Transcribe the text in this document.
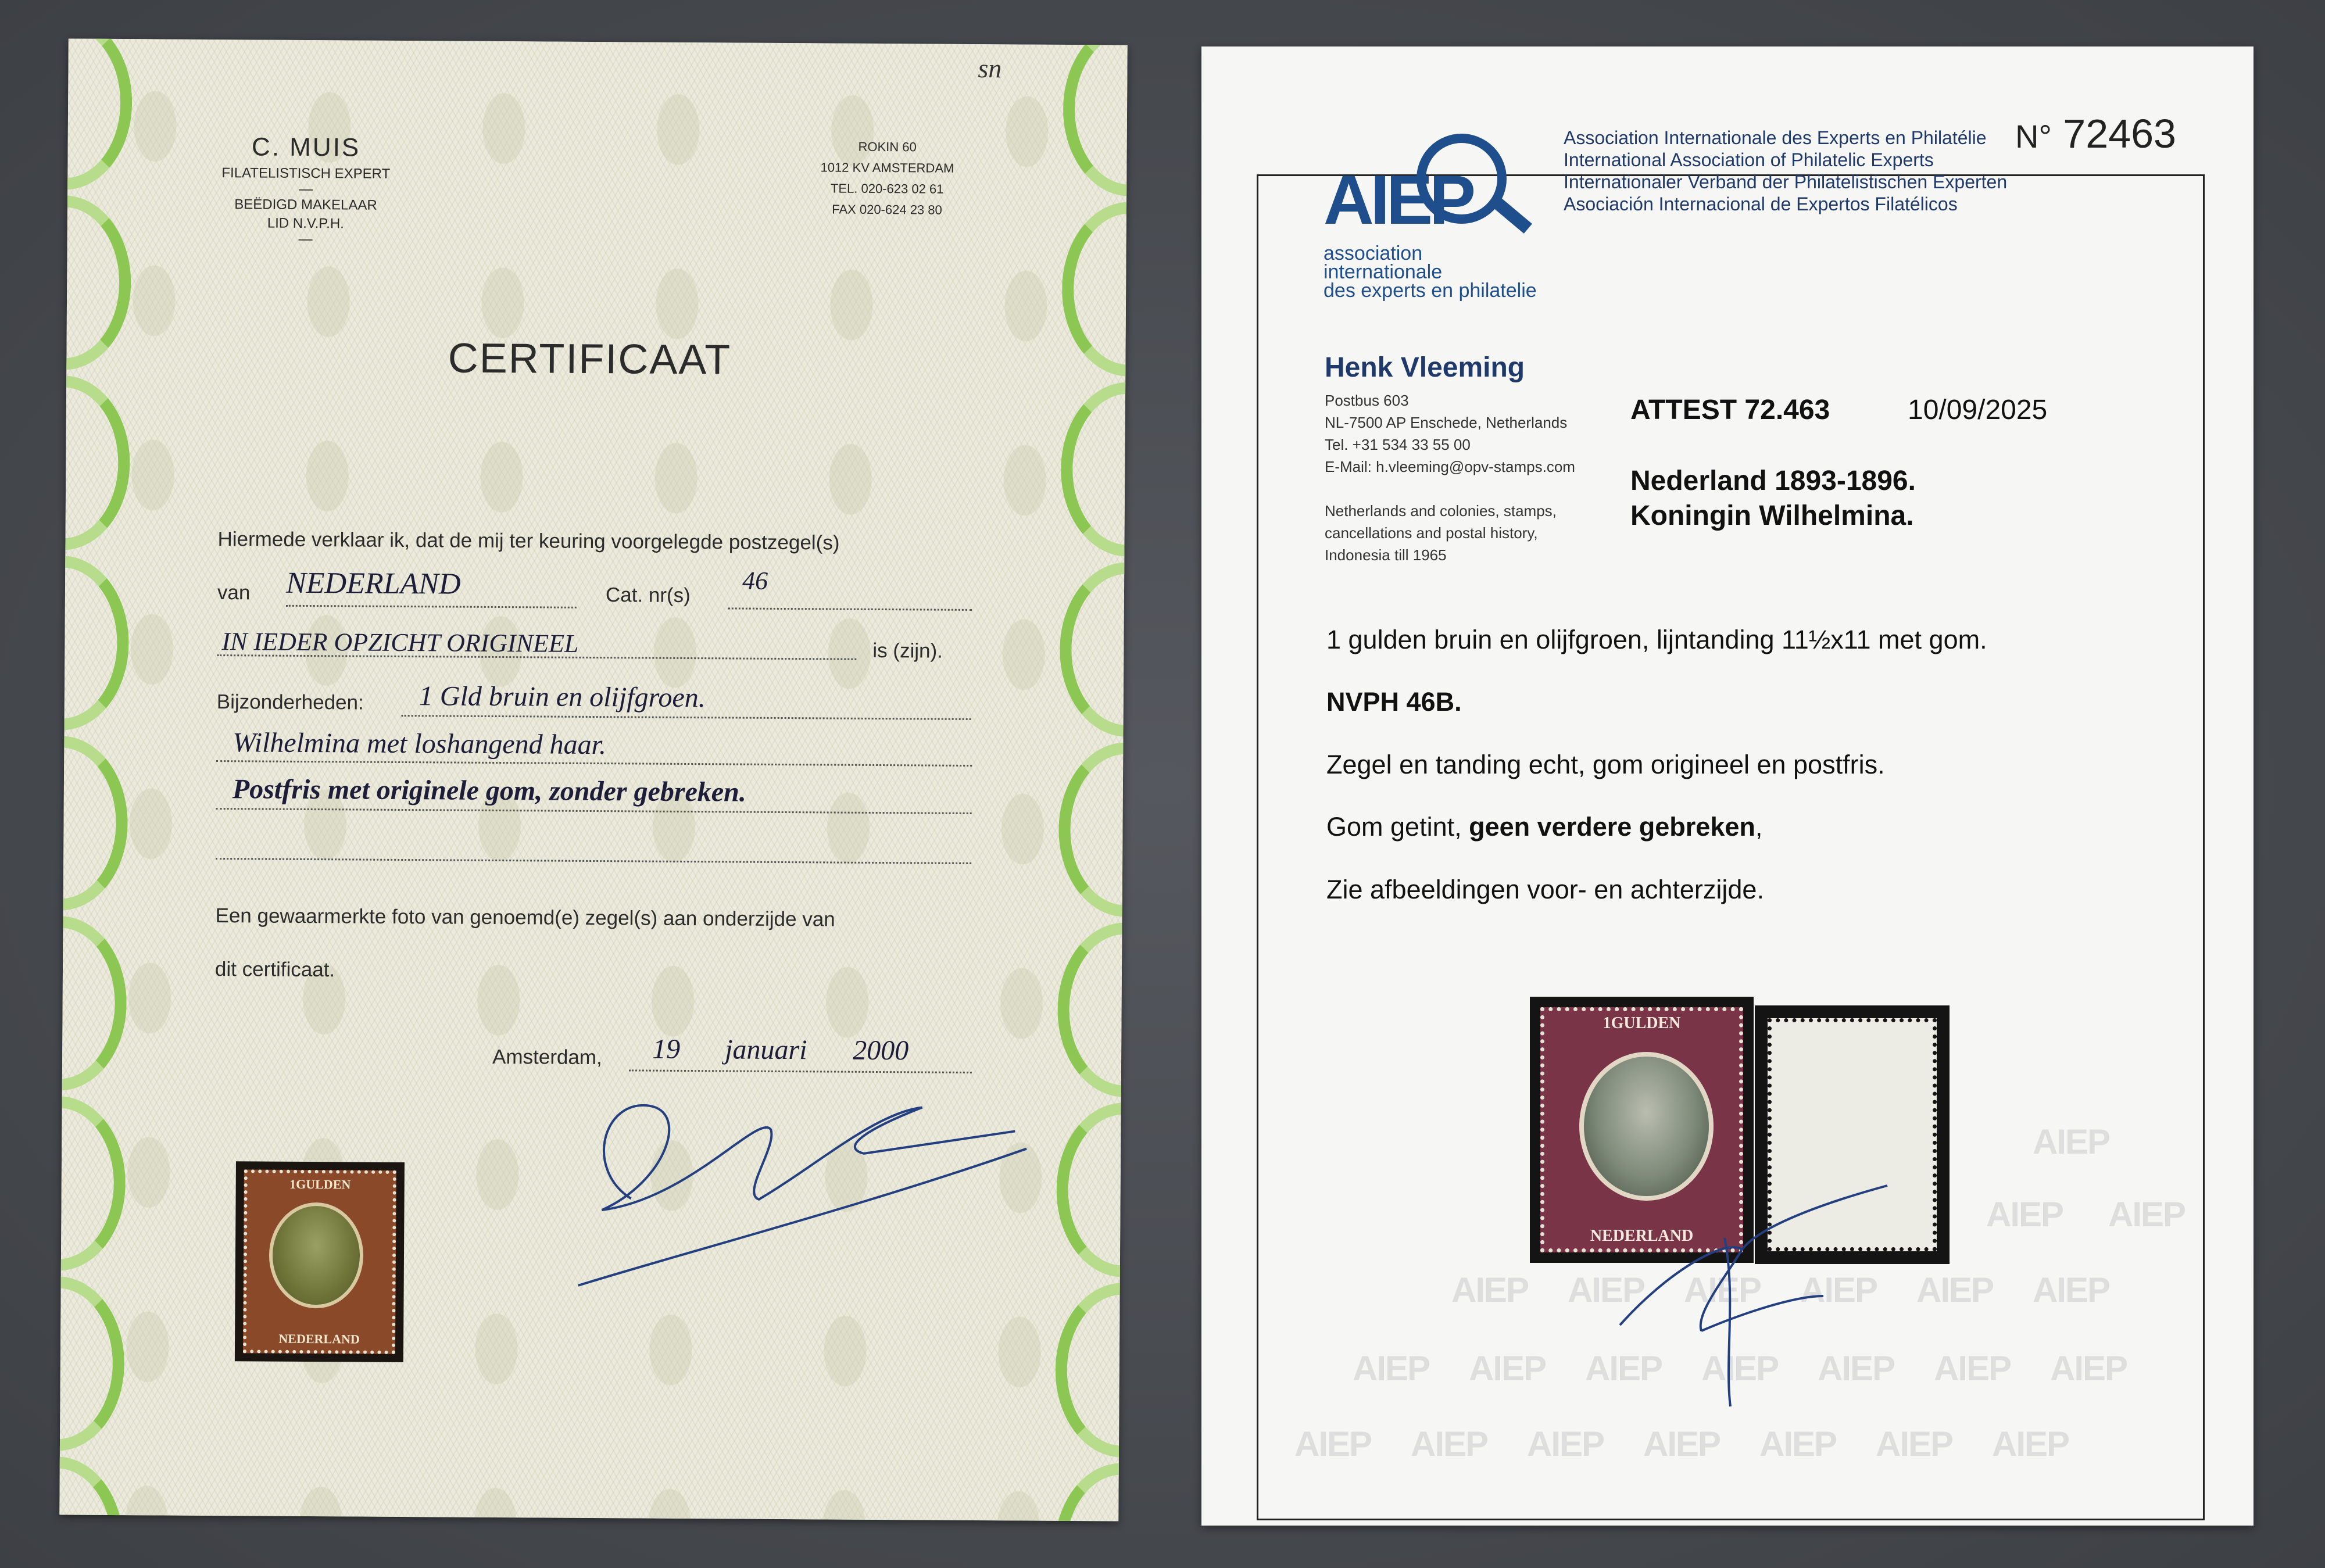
C. MUIS
FILATELISTISCH EXPERT
—
BEËDIGD MAKELAAR
LID N.V.P.H.
—
ROKIN 60
1012 KV AMSTERDAM
TEL. 020-623 02 61
FAX 020-624 23 80
sn
CERTIFICAAT
Hiermede verklaar ik, dat de mij ter keuring voorgelegde postzegel(s)
van NEDERLAND	Cat. nr(s)
46
IN IEDER OPZICHT ORIGINEEL	is (zijn).
Bijzonderheden: 1 Gld bruin en olijfgroen.
Wilhelmina met loshangend haar.
Postfris met originele gom, zonder gebreken.
Een gewaarmerkte foto van genoemd(e) zegel(s) aan onderzijde van
dit certificaat.
Amsterdam, 19 januari 2000
1GULDEN
NEDERLAND
AIEP
association
internationale
des experts en philatelie
Association Internationale des Experts en Philatélie
International Association of Philatelic Experts
Internationaler Verband der Philatelistischen Experten
Asociación Internacional de Expertos Filatélicos
N° 72463
Henk Vleeming
Postbus 603
NL-7500 AP Enschede, Netherlands
Tel. +31 534 33 55 00
E-Mail: h.vleeming@opv-stamps.com
Netherlands and colonies, stamps,
cancellations and postal history,
Indonesia till 1965
ATTEST 72.463	10/09/2025
Nederland 1893-1896.
Koningin Wilhelmina.
1 gulden bruin en olijfgroen, lijntanding 11½x11 met gom.
NVPH 46B.
Zegel en tanding echt, gom origineel en postfris.
Gom getint, geen verdere gebreken,
Zie afbeeldingen voor- en achterzijde.
AIEP
AIEP AIEP
AIEP AIEP AIEP AIEP AIEP AIEP
AIEP AIEP AIEP AIEP AIEP AIEP AIEP
AIEP AIEP AIEP AIEP AIEP AIEP AIEP
1GULDEN
NEDERLAND
